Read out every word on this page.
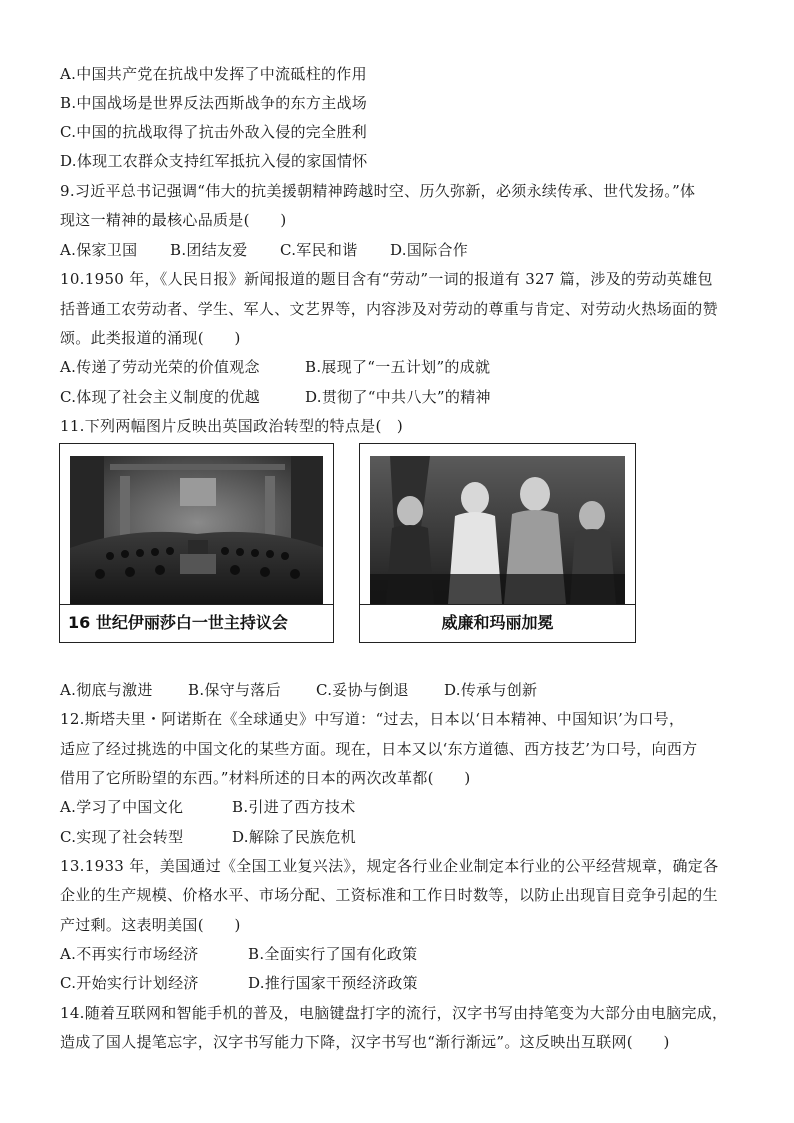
A.中国共产党在抗战中发挥了中流砥柱的作用
B.中国战场是世界反法西斯战争的东方主战场
C.中国的抗战取得了抗击外敌入侵的完全胜利
D.体现工农群众支持红军抵抗入侵的家国情怀
9.习近平总书记强调“伟大的抗美援朝精神跨越时空、历久弥新，必须永续传承、世代发扬。”体
现这一精神的最核心品质是(　　)
A.保家卫国 B.团结友爱 C.军民和谐 D.国际合作
10.1950 年，《人民日报》新闻报道的题目含有“劳动”一词的报道有 327 篇，涉及的劳动英雄包
括普通工农劳动者、学生、军人、文艺界等，内容涉及对劳动的尊重与肯定、对劳动火热场面的赞
颂。此类报道的涌现(　　)
A.传递了劳动光荣的价值观念	B.展现了“一五计划”的成就
C.体现了社会主义制度的优越	D.贯彻了“中共八大”的精神
11.下列两幅图片反映出英国政治转型的特点是(　)
16 世纪伊丽莎白一世主持议会	威廉和玛丽加冕
A.彻底与激进 B.保守与落后 C.妥协与倒退 D.传承与创新
12.斯塔夫里・阿诺斯在《全球通史》中写道：“过去，日本以‘日本精神、中国知识’为口号，
适应了经过挑选的中国文化的某些方面。现在，日本又以‘东方道德、西方技艺’为口号，向西方
借用了它所盼望的东西。”材料所述的日本的两次改革都(　　)
A.学习了中国文化	B.引进了西方技术
C.实现了社会转型	D.解除了民族危机
13.1933 年，美国通过《全国工业复兴法》，规定各行业企业制定本行业的公平经营规章，确定各
企业的生产规模、价格水平、市场分配、工资标准和工作日时数等，以防止出现盲目竞争引起的生
产过剩。这表明美国(　　)
A.不再实行市场经济	B.全面实行了国有化政策
C.开始实行计划经济	D.推行国家干预经济政策
14.随着互联网和智能手机的普及，电脑键盘打字的流行，汉字书写由持笔变为大部分由电脑完成，
造成了国人提笔忘字，汉字书写能力下降，汉字书写也“渐行渐远”。这反映出互联网(　　)
